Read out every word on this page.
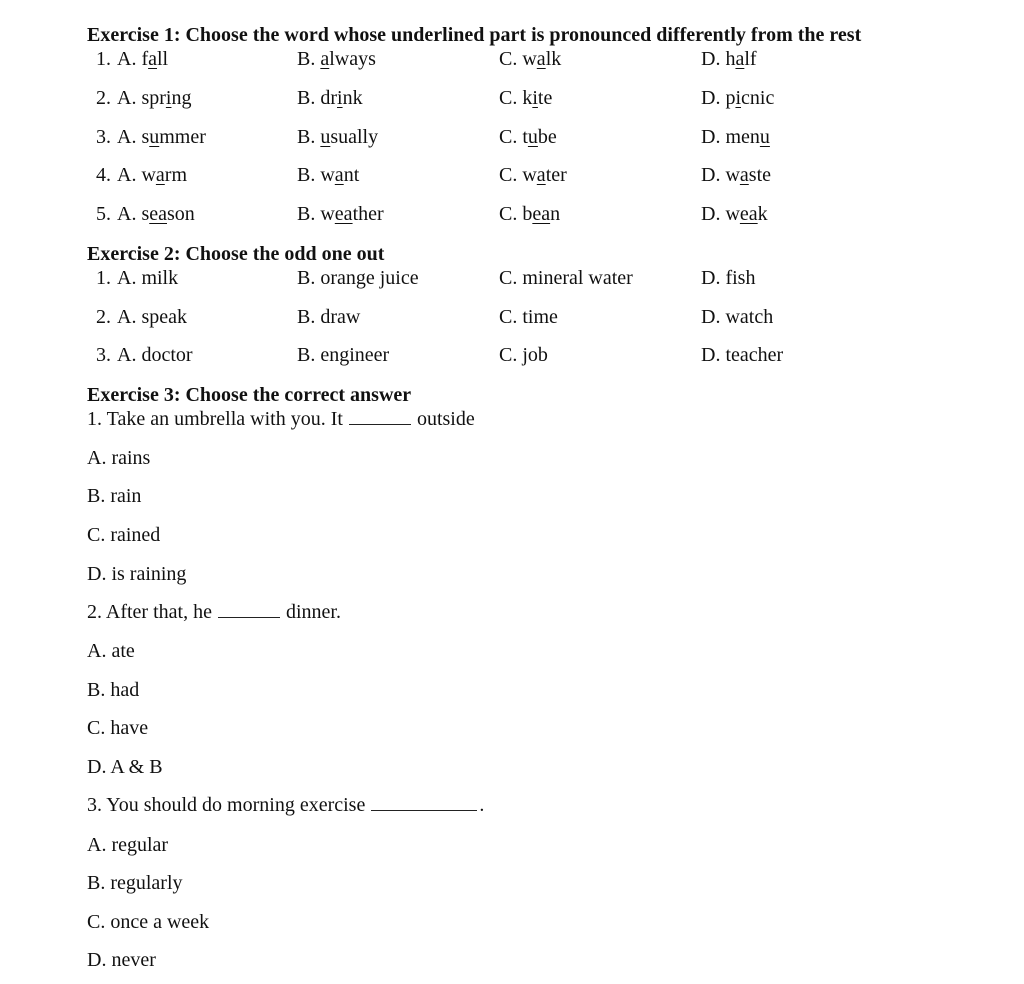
Exercise 1: Choose the word whose underlined part is pronounced differently from the rest
1. A. fall	B. always	C. walk	D. half
2. A. spring	B. drink	C. kite	D. picnic
3. A. summer	B. usually	C. tube	D. menu
4. A. warm	B. want	C. water	D. waste
5. A. season	B. weather	C. bean	D. weak
Exercise 2: Choose the odd one out
1. A. milk	B. orange juice	C. mineral water	D. fish
2. A. speak	B. draw	C. time	D. watch
3. A. doctor	B. engineer	C. job	D. teacher
Exercise 3: Choose the correct answer
1. Take an umbrella with you. It	outside
A. rains
B. rain
C. rained
D. is raining
2. After that, he	dinner.
A. ate
B. had
C. have
D. A & B
3. You should do morning exercise	.
A. regular
B. regularly
C. once a week
D. never
